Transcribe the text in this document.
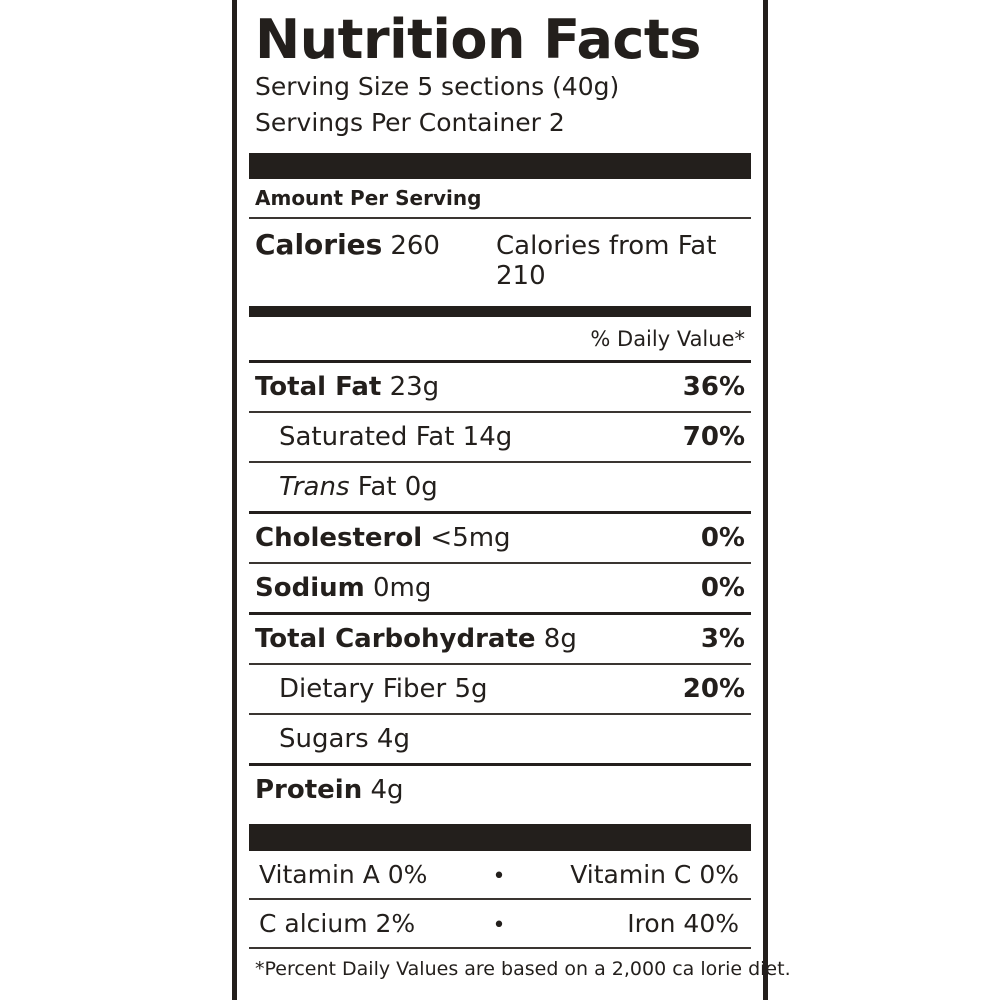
Nutrition Facts
Serving Size 5 sections (40g)
Servings Per Container 2
Amount Per Serving
Calories 260 Calories from Fat 210
% Daily Value*
Total Fat 23g	36%
Saturated Fat 14g	70%
Trans Fat 0g
Cholesterol <5mg	0%
Sodium 0mg	0%
Total Carbohydrate 8g	3%
Dietary Fiber 5g	20%
Sugars 4g
Protein 4g
Vitamin A 0%	•	Vitamin C 0%
C alcium 2%	•	Iron 40%
*Percent Daily Values are based on a 2,000 ca lorie diet.
